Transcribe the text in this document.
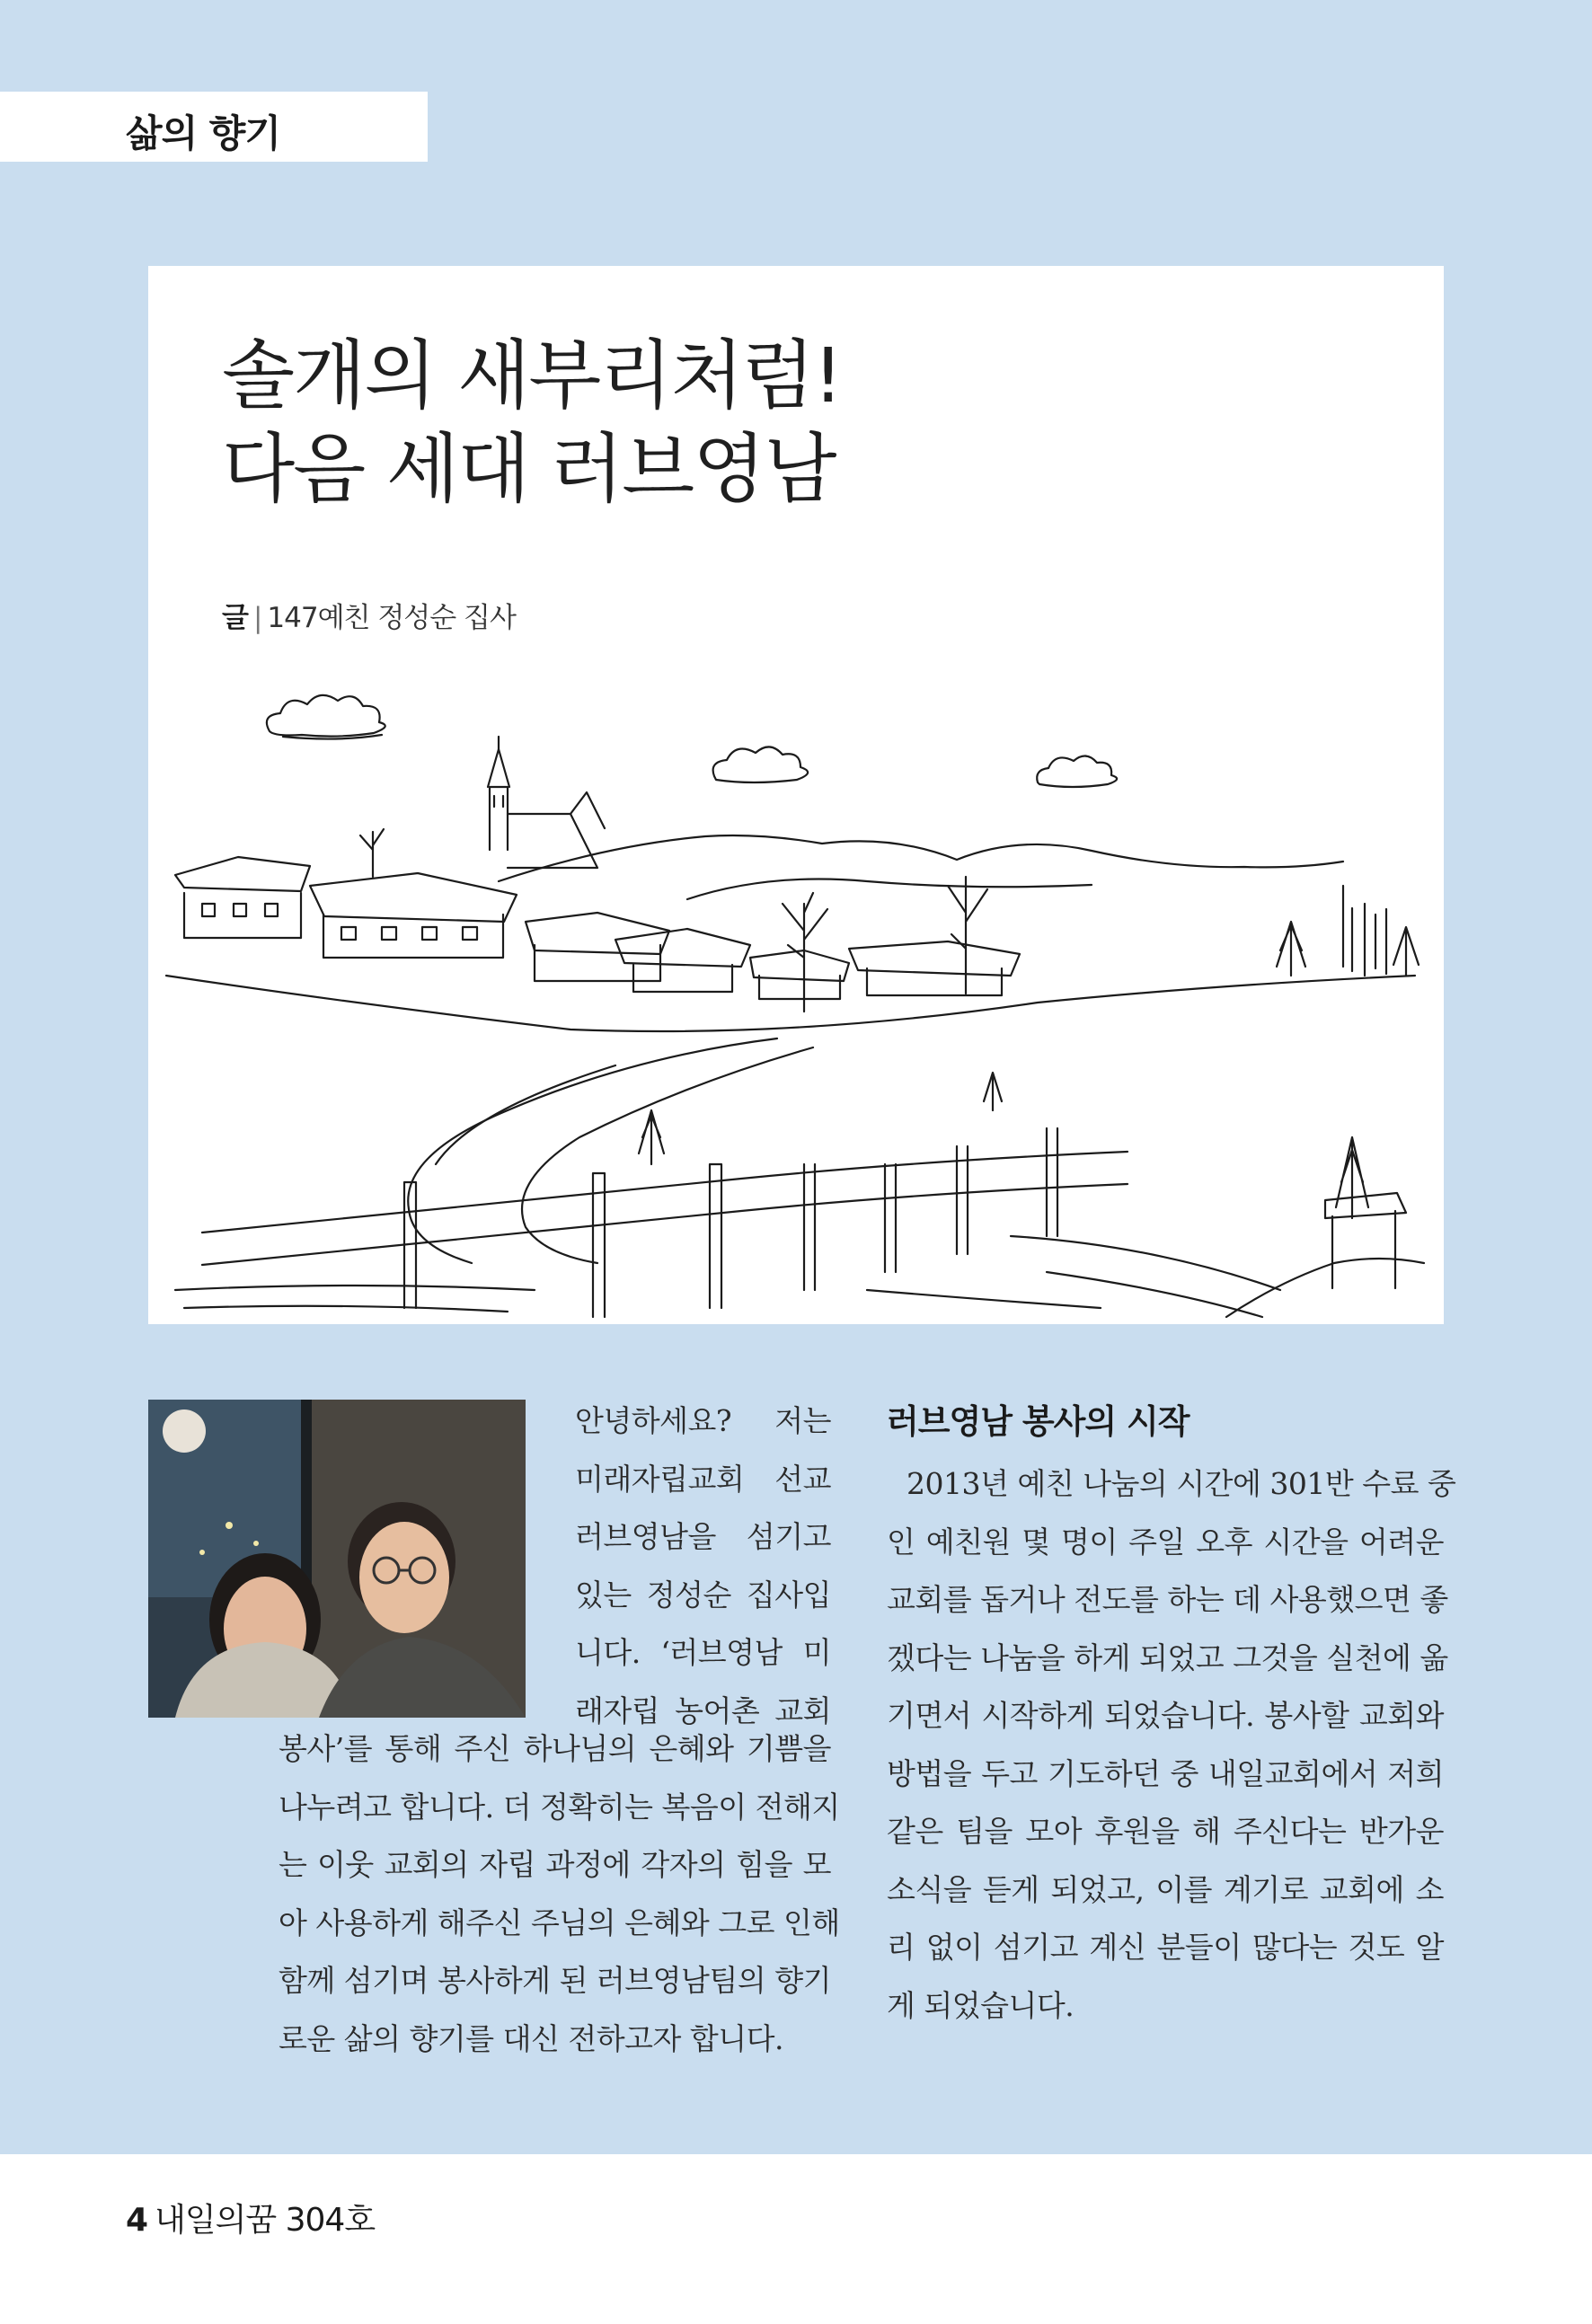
삶의 향기
솔개의 새부리처럼!
다음 세대 러브영남
글 | 147예친 정성순 집사
안녕하세요? 저는
미래자립교회 선교
러브영남을 섬기고
있는 정성순 집사입
니다. ‘러브영남 미
래자립 농어촌 교회
봉사’를 통해 주신 하나님의 은혜와 기쁨을
나누려고 합니다. 더 정확히는 복음이 전해지
는 이웃 교회의 자립 과정에 각자의 힘을 모
아 사용하게 해주신 주님의 은혜와 그로 인해
함께 섬기며 봉사하게 된 러브영남팀의 향기
로운 삶의 향기를 대신 전하고자 합니다.
러브영남 봉사의 시작
2013년 예친 나눔의 시간에 301반 수료 중
인 예친원 몇 명이 주일 오후 시간을 어려운
교회를 돕거나 전도를 하는 데 사용했으면 좋
겠다는 나눔을 하게 되었고 그것을 실천에 옮
기면서 시작하게 되었습니다. 봉사할 교회와
방법을 두고 기도하던 중 내일교회에서 저희
같은 팀을 모아 후원을 해 주신다는 반가운
소식을 듣게 되었고, 이를 계기로 교회에 소
리 없이 섬기고 계신 분들이 많다는 것도 알
게 되었습니다.
4 내일의꿈 304호
